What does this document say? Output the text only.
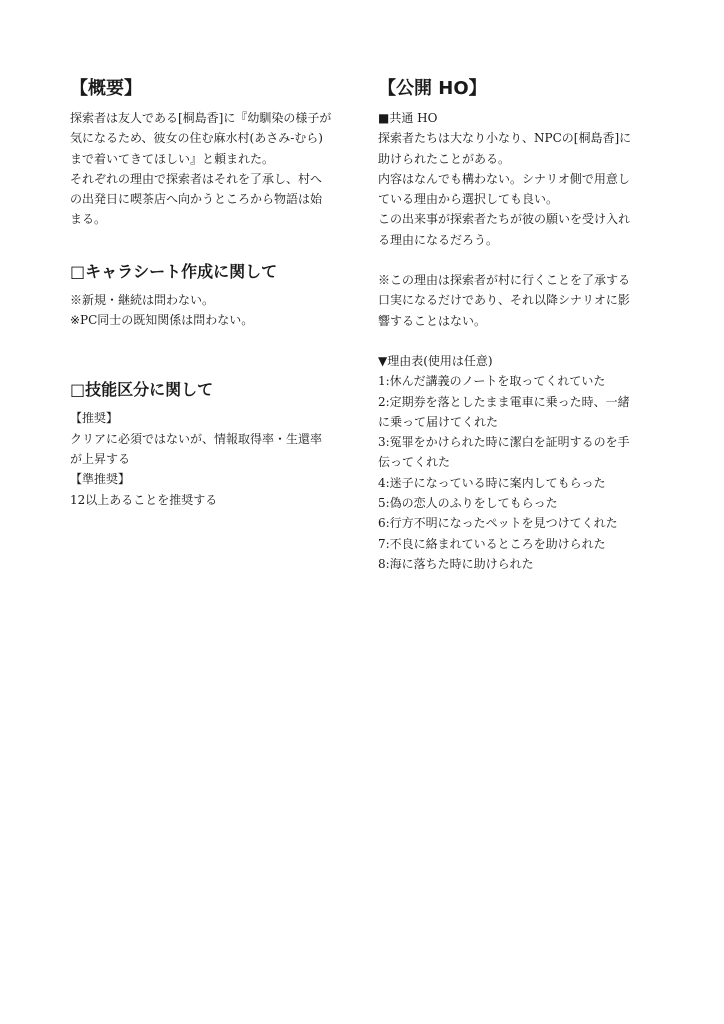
【概要】
探索者は友人である[桐島香]に『幼馴染の様子が
気になるため、彼女の住む麻水村(あさみ-むら)
まで着いてきてほしい』と頼まれた。
それぞれの理由で探索者はそれを了承し、村へ
の出発日に喫茶店へ向かうところから物語は始
まる。
□キャラシート作成に関して
※新規・継続は問わない。
※PC同士の既知関係は問わない。
□技能区分に関して
【推奨】
クリアに必須ではないが、情報取得率・生還率
が上昇する
【準推奨】
12以上あることを推奨する
【公開 HO】
■共通 HO
探索者たちは大なり小なり、NPCの[桐島香]に
助けられたことがある。
内容はなんでも構わない。シナリオ側で用意し
ている理由から選択しても良い。
この出来事が探索者たちが彼の願いを受け入れ
る理由になるだろう。
※この理由は探索者が村に行くことを了承する
口実になるだけであり、それ以降シナリオに影
響することはない。
▼理由表(使用は任意)
1:休んだ講義のノートを取ってくれていた
2:定期券を落としたまま電車に乗った時、一緒
に乗って届けてくれた
3:冤罪をかけられた時に潔白を証明するのを手
伝ってくれた
4:迷子になっている時に案内してもらった
5:偽の恋人のふりをしてもらった
6:行方不明になったペットを見つけてくれた
7:不良に絡まれているところを助けられた
8:海に落ちた時に助けられた
